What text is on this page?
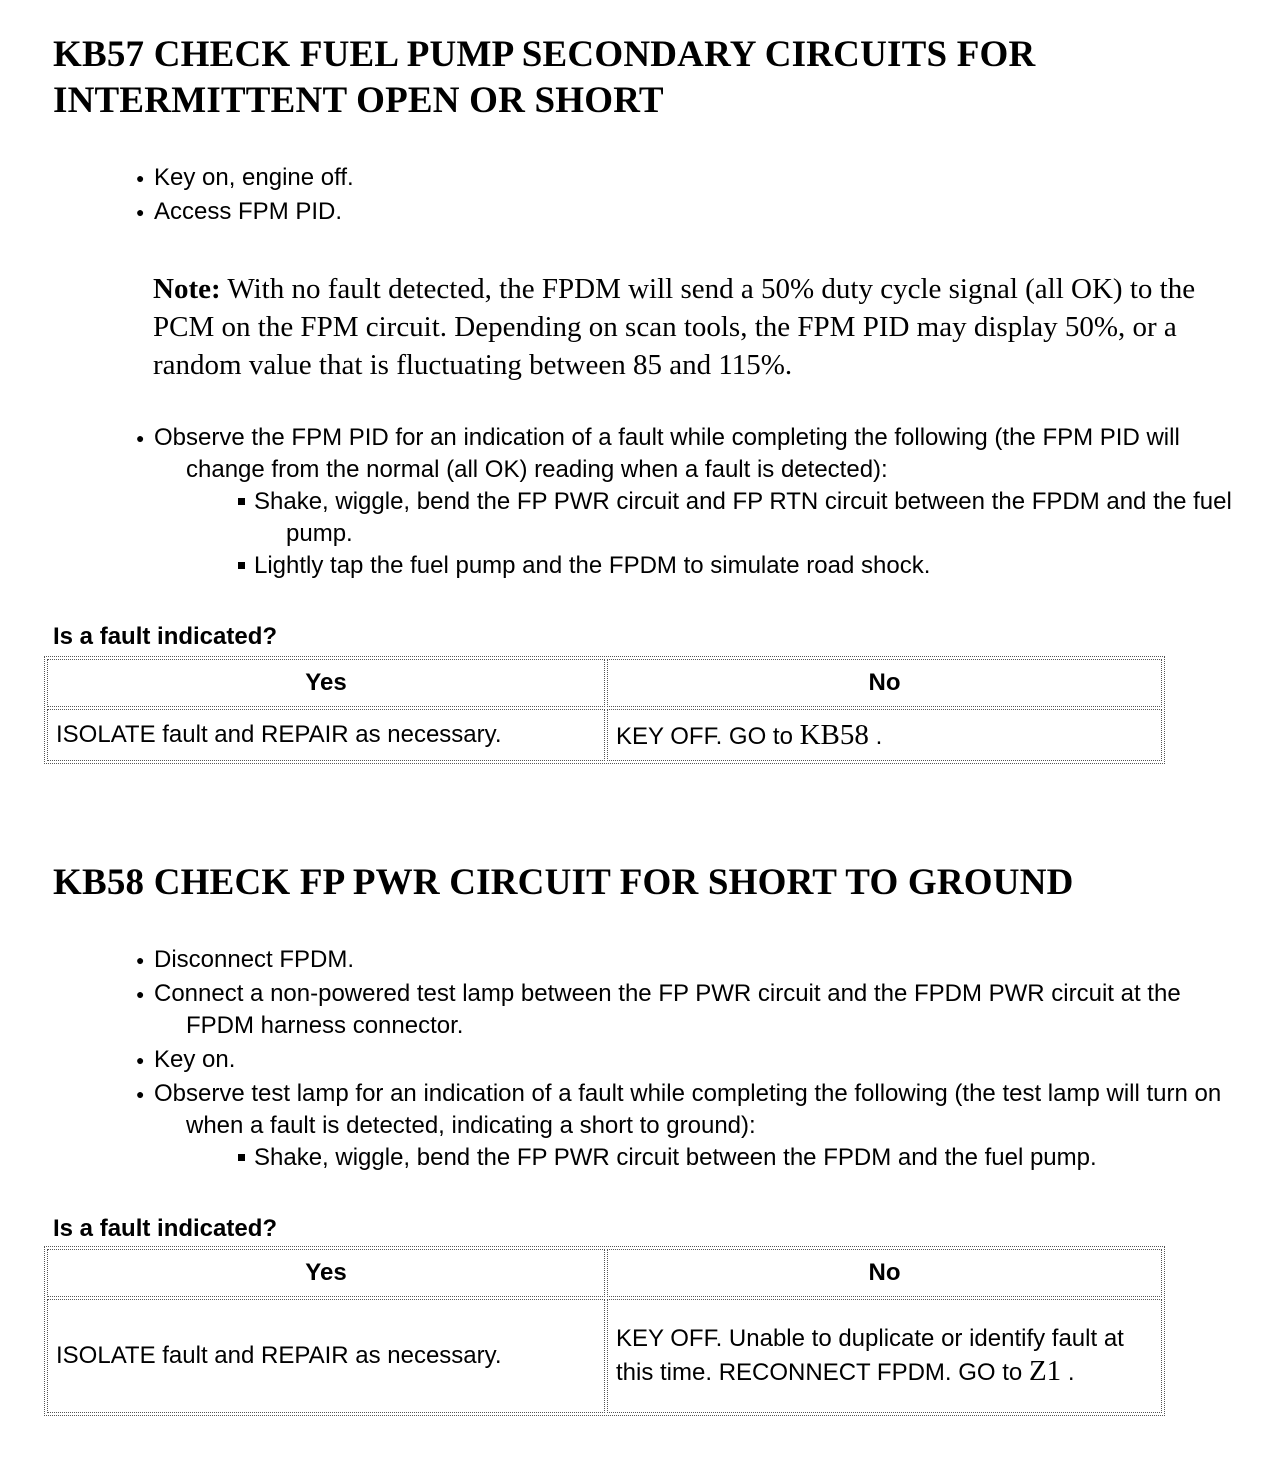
KB57 CHECK FUEL PUMP SECONDARY CIRCUITS FOR
INTERMITTENT OPEN OR SHORT
● Key on, engine off.
● Access FPM PID.

Note: With no fault detected, the FPDM will send a 50% duty cycle signal (all OK) to the PCM on the FPM circuit. Depending on scan tools, the FPM PID may display 50%, or a random value that is fluctuating between 85 and 115%.

● Observe the FPM PID for an indication of a fault while completing the following (the FPM PID will change from the normal (all OK) reading when a fault is detected):
Shake, wiggle, bend the FP PWR circuit and FP RTN circuit between the FPDM and the fuel pump.
Lightly tap the fuel pump and the FPDM to simulate road shock.

Is a fault indicated?

Yes	No
ISOLATE fault and REPAIR as necessary.	KEY OFF. GO to KB58 .
KB58 CHECK FP PWR CIRCUIT FOR SHORT TO GROUND
● Disconnect FPDM.
● Connect a non-powered test lamp between the FP PWR circuit and the FPDM PWR circuit at the FPDM harness connector.
● Key on.
● Observe test lamp for an indication of a fault while completing the following (the test lamp will turn on when a fault is detected, indicating a short to ground):
Shake, wiggle, bend the FP PWR circuit between the FPDM and the fuel pump.

Is a fault indicated?

Yes	No
ISOLATE fault and REPAIR as necessary.	KEY OFF. Unable to duplicate or identify fault at this time. RECONNECT FPDM. GO to Z1 .
